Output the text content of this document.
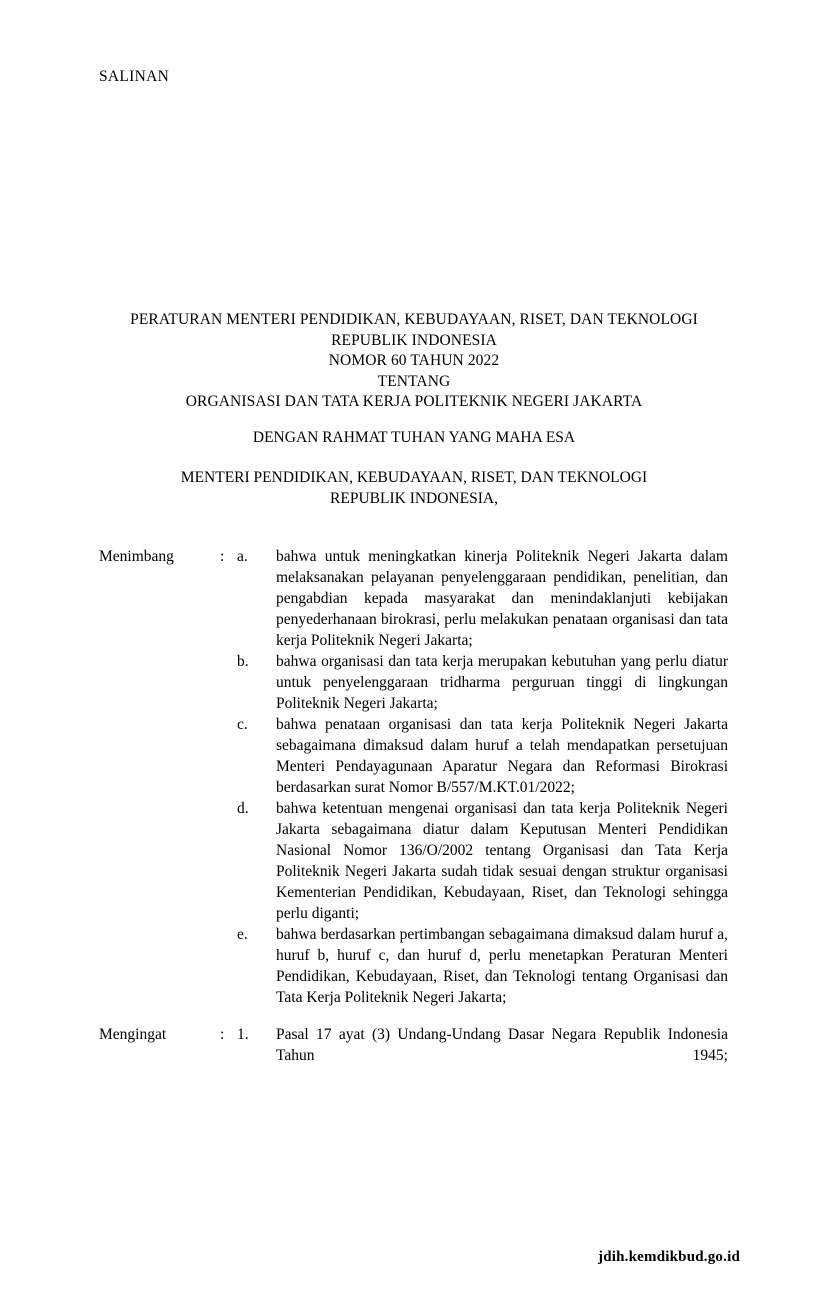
SALINAN
PERATURAN MENTERI PENDIDIKAN, KEBUDAYAAN, RISET, DAN TEKNOLOGI
REPUBLIK INDONESIA
NOMOR 60 TAHUN 2022
TENTANG
ORGANISASI DAN TATA KERJA POLITEKNIK NEGERI JAKARTA
DENGAN RAHMAT TUHAN YANG MAHA ESA
MENTERI PENDIDIKAN, KEBUDAYAAN, RISET, DAN TEKNOLOGI
REPUBLIK INDONESIA,
Menimbang	: a.	bahwa untuk meningkatkan kinerja Politeknik Negeri Jakarta dalam melaksanakan pelayanan penyelenggaraan pendidikan, penelitian, dan pengabdian kepada masyarakat dan menindaklanjuti kebijakan penyederhanaan birokrasi, perlu melakukan penataan organisasi dan tata kerja Politeknik Negeri Jakarta;
b.	bahwa organisasi dan tata kerja merupakan kebutuhan yang perlu diatur untuk penyelenggaraan tridharma perguruan tinggi di lingkungan Politeknik Negeri Jakarta;
c.	bahwa penataan organisasi dan tata kerja Politeknik Negeri Jakarta sebagaimana dimaksud dalam huruf a telah mendapatkan persetujuan Menteri Pendayagunaan Aparatur Negara dan Reformasi Birokrasi berdasarkan surat Nomor B/557/M.KT.01/2022;
d.	bahwa ketentuan mengenai organisasi dan tata kerja Politeknik Negeri Jakarta sebagaimana diatur dalam Keputusan Menteri Pendidikan Nasional Nomor 136/O/2002 tentang Organisasi dan Tata Kerja Politeknik Negeri Jakarta sudah tidak sesuai dengan struktur organisasi Kementerian Pendidikan, Kebudayaan, Riset, dan Teknologi sehingga perlu diganti;
e.	bahwa berdasarkan pertimbangan sebagaimana dimaksud dalam huruf a, huruf b, huruf c, dan huruf d, perlu menetapkan Peraturan Menteri Pendidikan, Kebudayaan, Riset, dan Teknologi tentang Organisasi dan Tata Kerja Politeknik Negeri Jakarta;
Mengingat	: 1.	Pasal 17 ayat (3) Undang-Undang Dasar Negara Republik Indonesia Tahun 1945;
jdih.kemdikbud.go.id
